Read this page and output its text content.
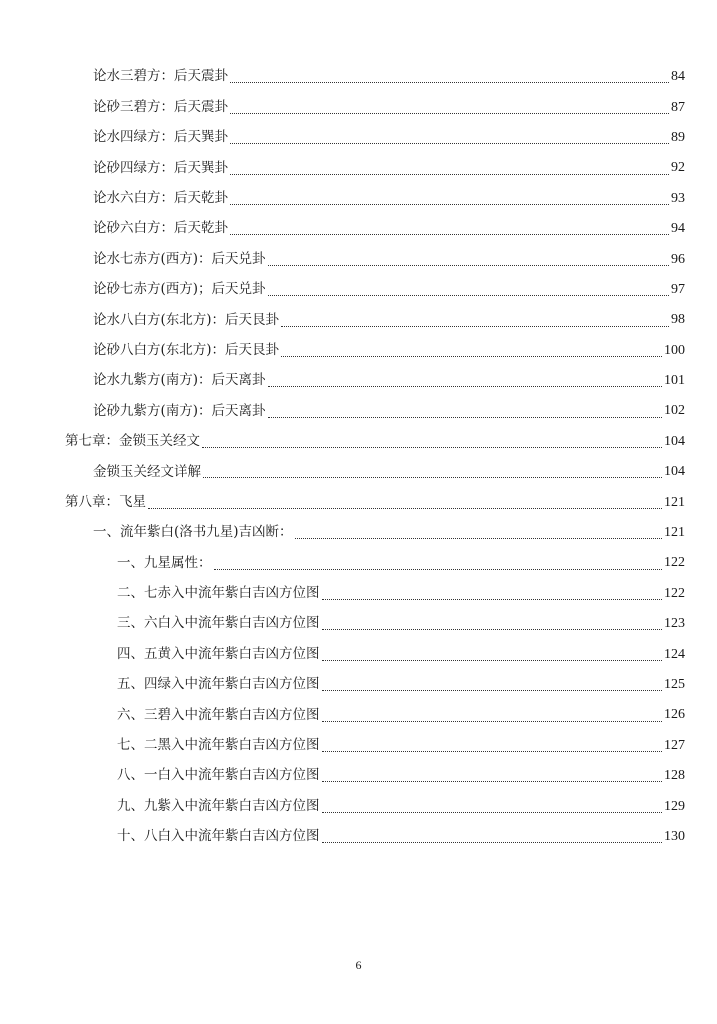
论水三碧方：后天震卦	84
论砂三碧方：后天震卦	87
论水四绿方：后天巽卦	89
论砂四绿方：后天巽卦	92
论水六白方：后天乾卦	93
论砂六白方：后天乾卦	94
论水七赤方(西方)：后天兑卦	96
论砂七赤方(西方)；后天兑卦	97
论水八白方(东北方)：后天艮卦	98
论砂八白方(东北方)：后天艮卦	100
论水九紫方(南方)：后天离卦	101
论砂九紫方(南方)：后天离卦	102
第七章：金锁玉关经文	104
金锁玉关经文详解	104
第八章：飞星	121
一、流年紫白(洛书九星)吉凶断：	121
一、九星属性：	122
二、七赤入中流年紫白吉凶方位图	122
三、六白入中流年紫白吉凶方位图	123
四、五黄入中流年紫白吉凶方位图	124
五、四绿入中流年紫白吉凶方位图	125
六、三碧入中流年紫白吉凶方位图	126
七、二黑入中流年紫白吉凶方位图	127
八、一白入中流年紫白吉凶方位图	128
九、九紫入中流年紫白吉凶方位图	129
十、八白入中流年紫白吉凶方位图	130
6
